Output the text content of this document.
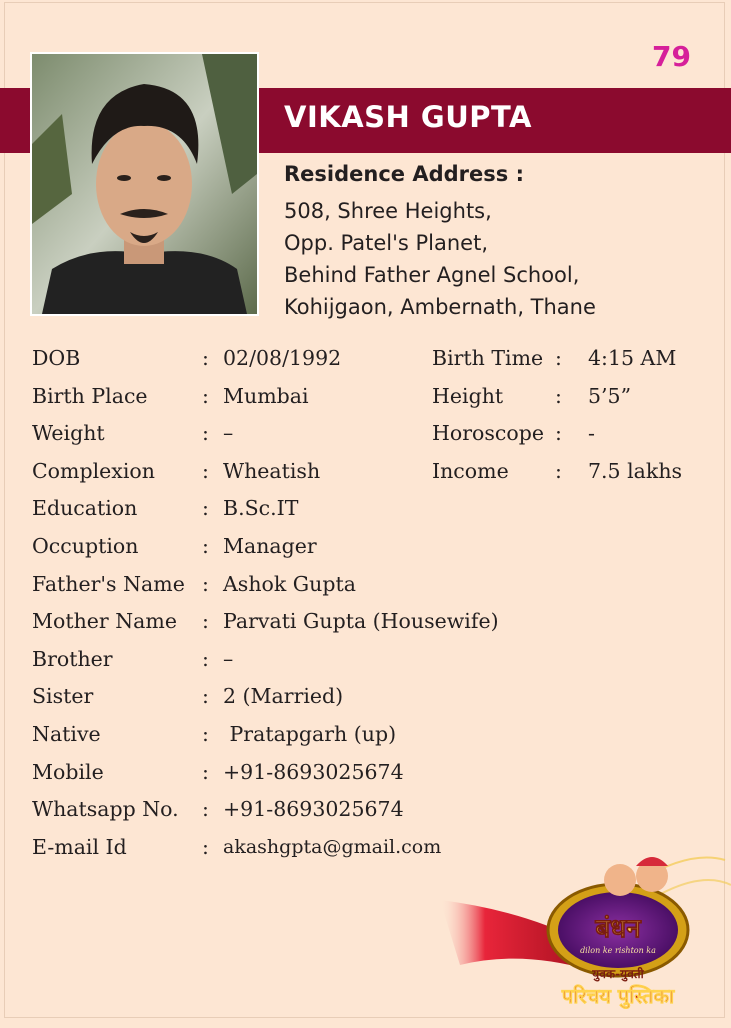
79
VIKASH GUPTA
Residence Address :
508, Shree Heights,
Opp. Patel's Planet,
Behind Father Agnel School,
Kohijgaon, Ambernath, Thane
DOB	: 02/08/1992
Birth Place	: Mumbai
Weight	: –
Complexion : Wheatish
Education	: B.Sc.IT
Occuption	: Manager
Father's Name : Ashok Gupta
Mother Name : Parvati Gupta (Housewife)
Brother	: –
Sister	: 2 (Married)
Native	: Pratapgarh (up)
Mobile	: +91-8693025674
Whatsapp No. : +91-8693025674
E-mail Id	: akashgpta@gmail.com
Birth Time : 4:15 AM
Height	: 5’5”
Horoscope : -
Income : 7.5 lakhs
बंधन
dilon ke rishton ka
युवक-युवती
परिचय पुस्तिका
